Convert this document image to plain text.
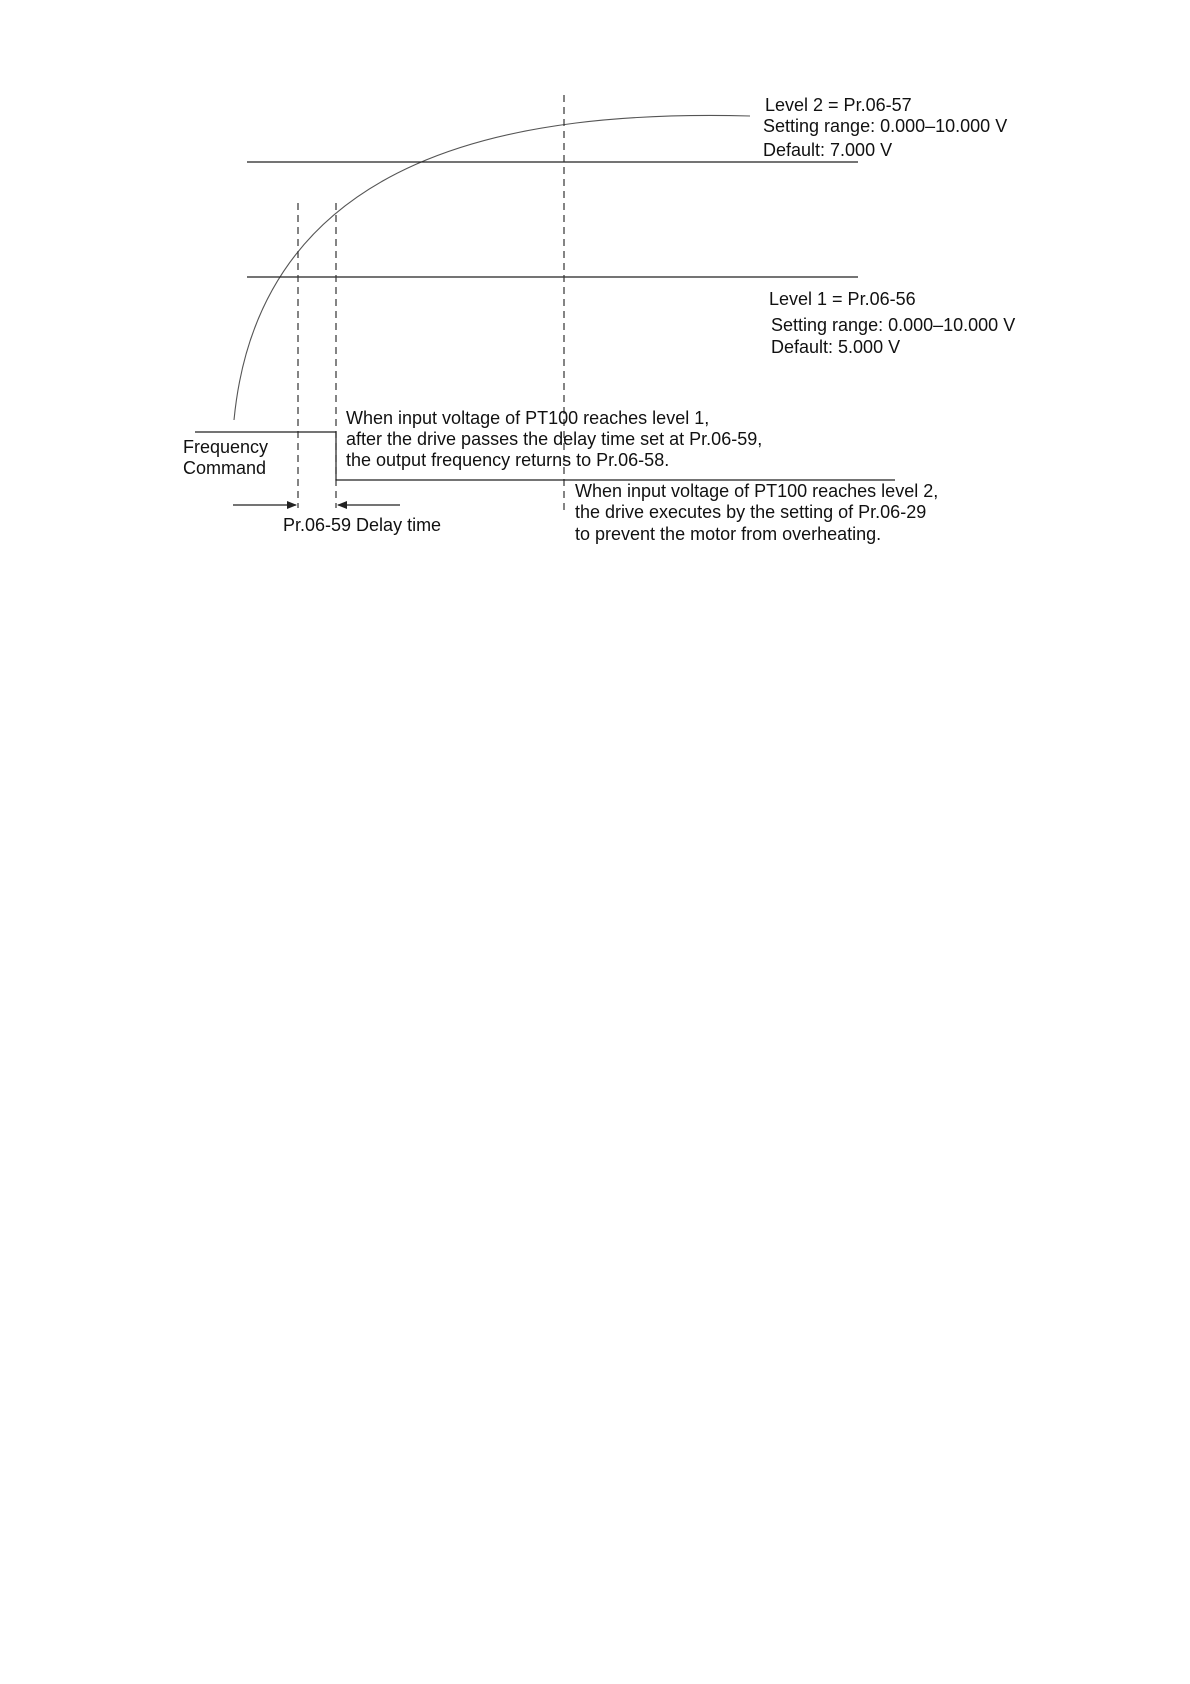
Level 2 = Pr.06-57
Setting range: 0.000–10.000 V
Default: 7.000 V
Level 1 = Pr.06-56
Setting range: 0.000–10.000 V
Default: 5.000 V
Frequency
Command
When input voltage of PT100 reaches level 1,
after the drive passes the delay time set at Pr.06-59,
the output frequency returns to Pr.06-58.
When input voltage of PT100 reaches level 2,
the drive executes by the setting of Pr.06-29
to prevent the motor from overheating.
Pr.06-59 Delay time
